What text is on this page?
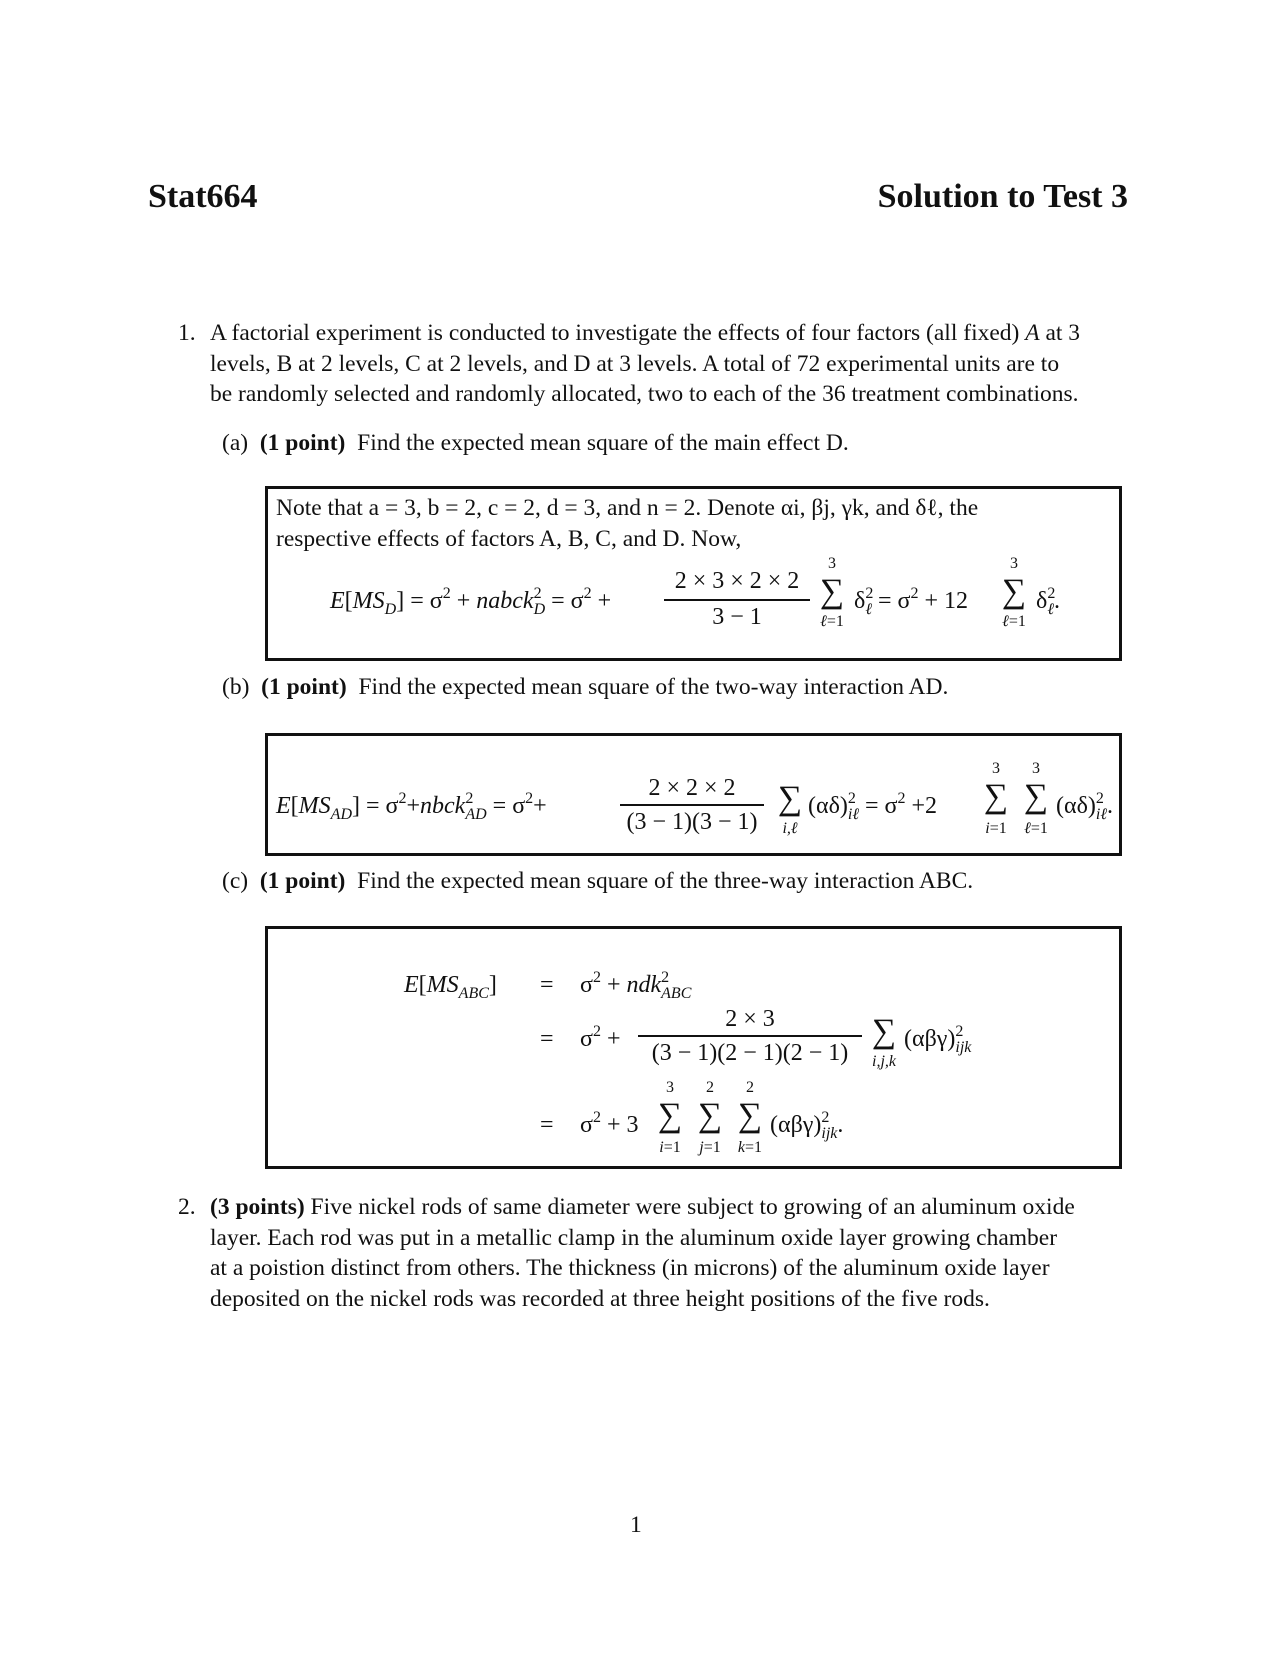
Stat664	Solution to Test 3
1. A factorial experiment is conducted to investigate the effects of four factors (all fixed) A at 3
levels, B at 2 levels, C at 2 levels, and D at 3 levels. A total of 72 experimental units are to
be randomly selected and randomly allocated, two to each of the 36 treatment combinations.
(a) (1 point) Find the expected mean square of the main effect D.
Note that a = 3, b = 2, c = 2, d = 3, and n = 2. Denote αi, βj, γk, and δℓ, the
respective effects of factors A, B, C, and D. Now,
$E[MS_D] = \sigma^2$ + nabck$^2_D$ = $\sigma^2$ +
2 × 3 × 2 × 2
3 − 1
3
∑
ℓ=1
$\delta^2_\ell = \sigma^2 + 12$
3
∑
ℓ=1
$\delta^2_\ell$.
(b) (1 point) Find the expected mean square of the two-way interaction AD.
$E[MS_{AD}]$ = $\sigma^2+nbck^2_{AD} = \sigma^2+$
2 × 2 × 2
(3 − 1)(3 − 1)
∑
i,ℓ
$(\alpha\delta)^2_{i\ell} = \sigma^2 +2$
3
∑
i=1
3
∑
ℓ=1
$(\alpha\delta)^2_{i\ell}$.
(c) (1 point) Find the expected mean square of the three-way interaction ABC.
$E[MS_{ABC}] = \sigma^2 + ndk^2_{ABC}$
= $\sigma^2$ +
2 × 3
(3 − 1)(2 − 1)(2 − 1)
∑
i,j,k
$(\alpha\beta\gamma)^2_{ijk}$
= $\sigma^2 + 3$
3
∑
i=1
2
∑
j=1
2
∑
k=1
$(\alpha\beta\gamma)^2_{ijk}$.
2. (3 points) Five nickel rods of same diameter were subject to growing of an aluminum oxide
layer. Each rod was put in a metallic clamp in the aluminum oxide layer growing chamber
at a poistion distinct from others. The thickness (in microns) of the aluminum oxide layer
deposited on the nickel rods was recorded at three height positions of the five rods.
1
